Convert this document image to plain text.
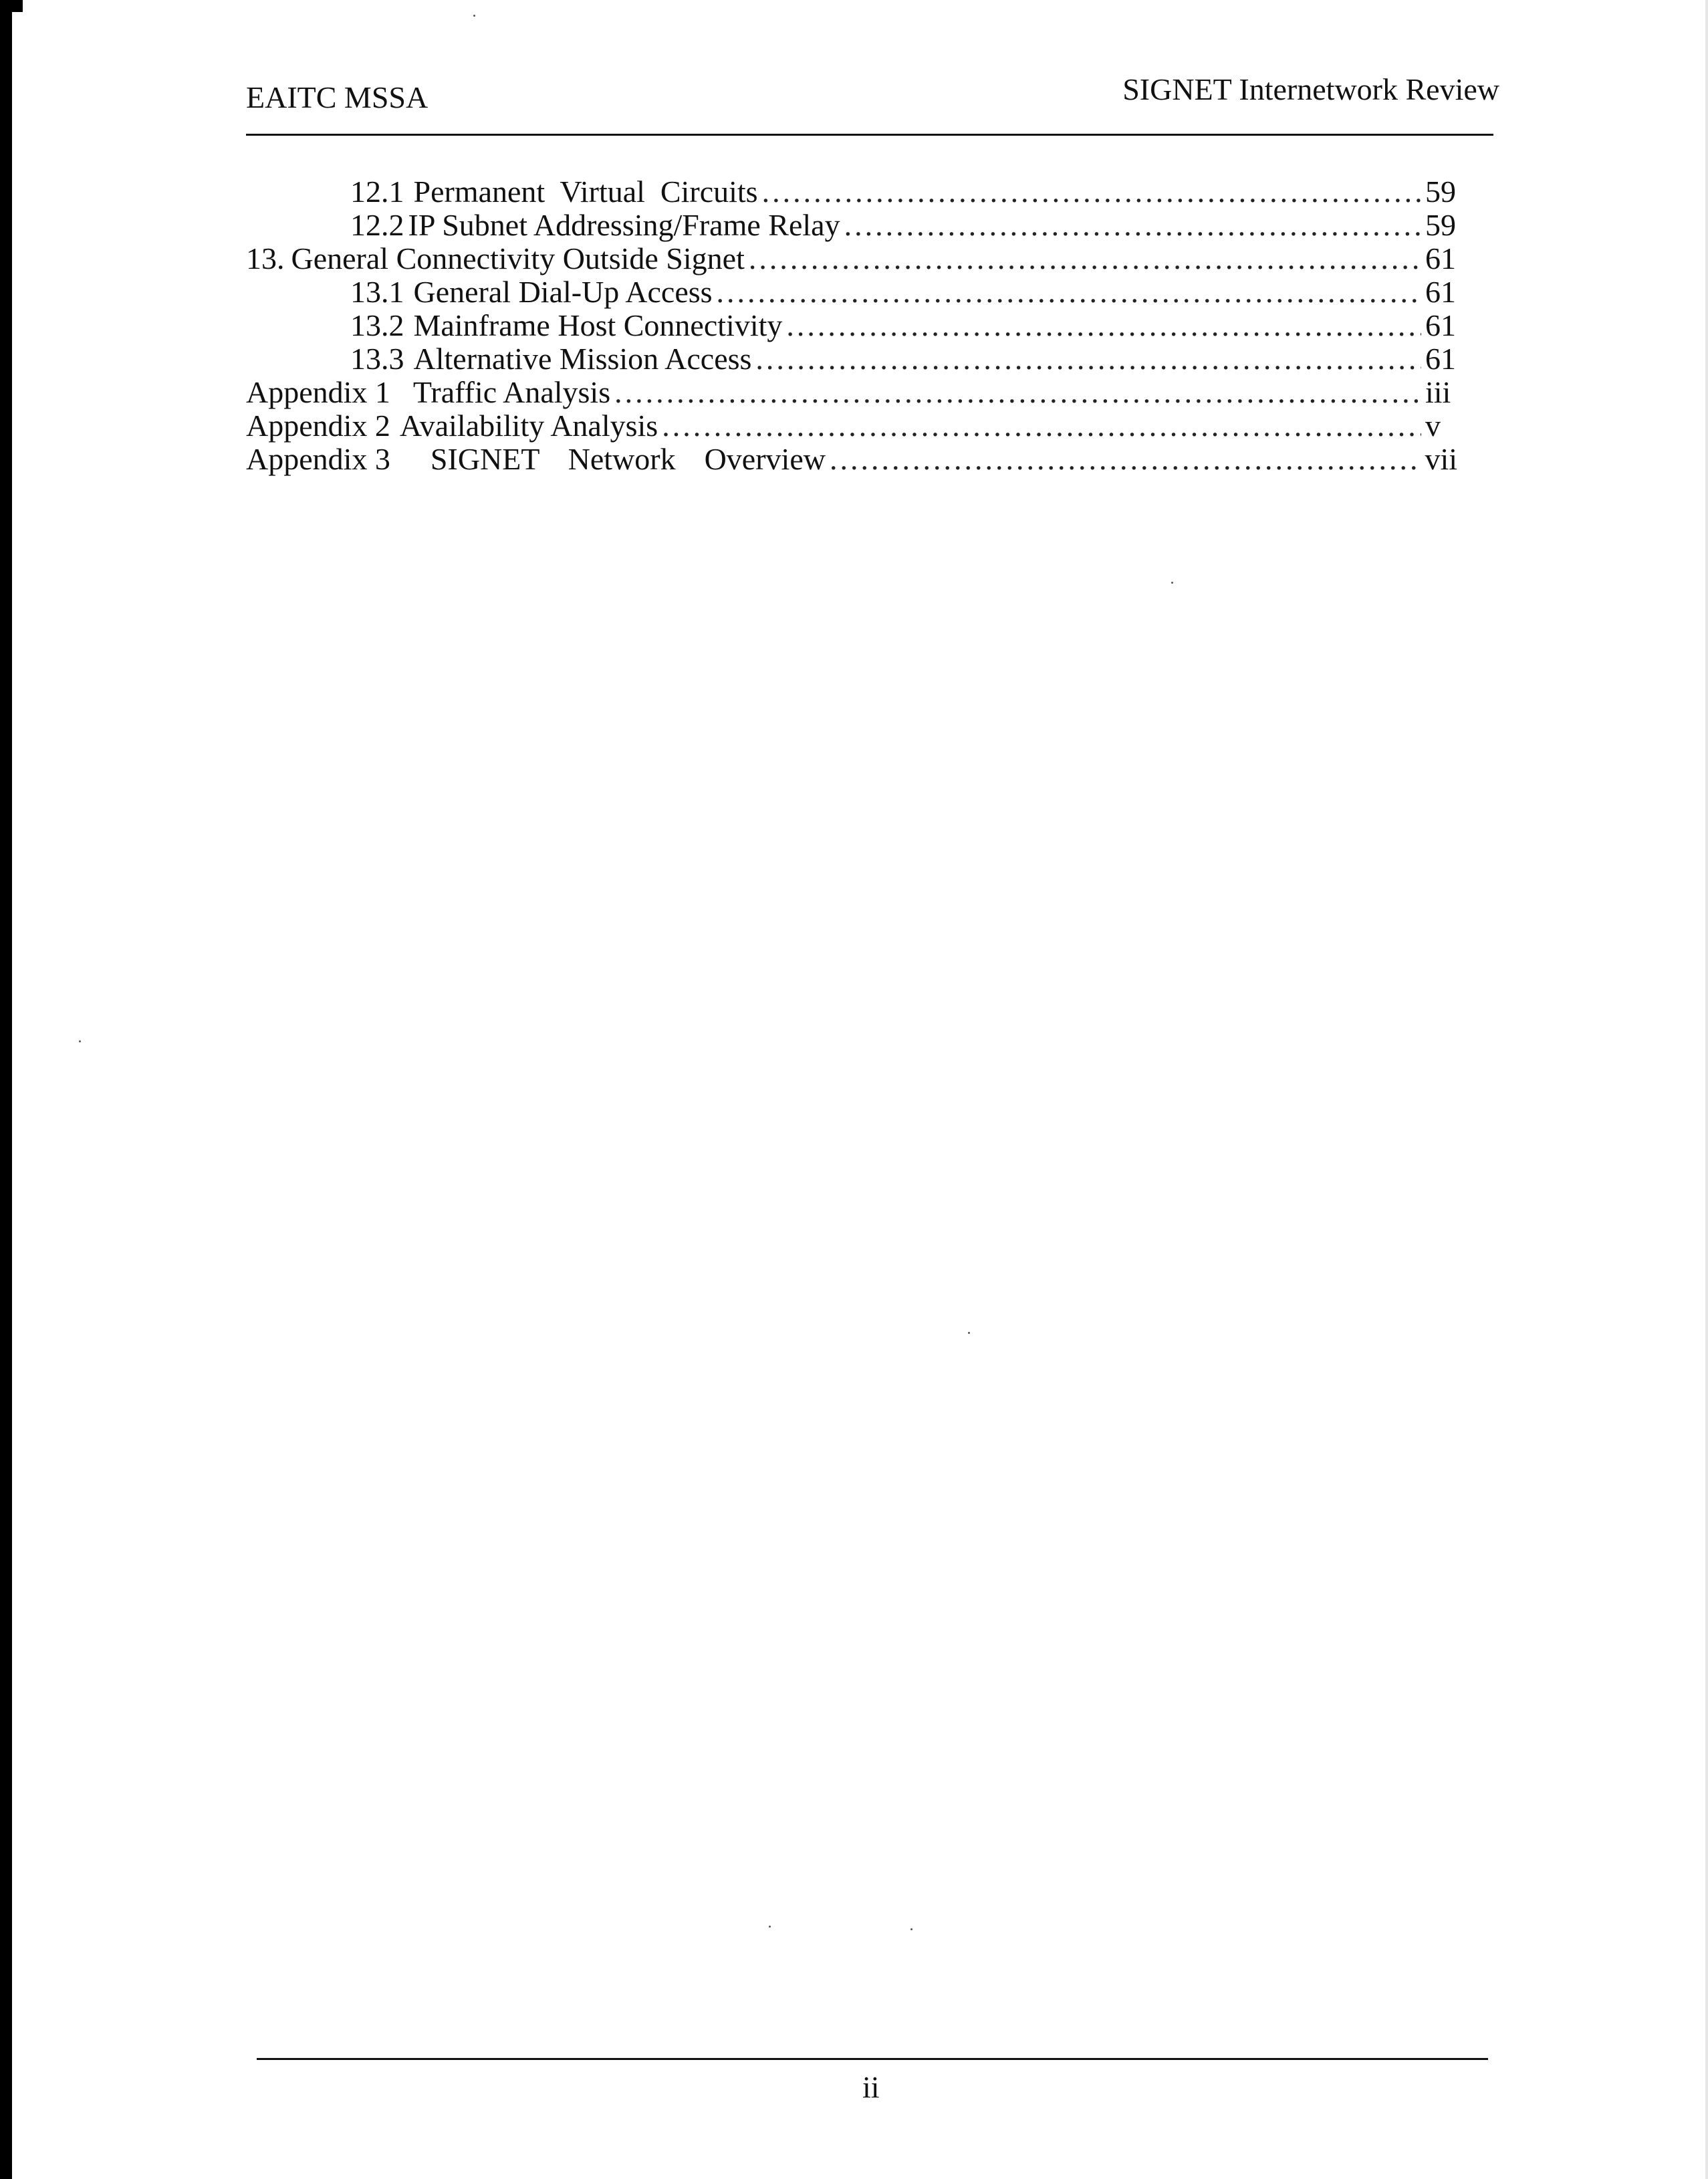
EAITC MSSA	SIGNET Internetwork Review
12.1 Permanent  Virtual  Circuits .....	59
12.2 IP Subnet Addressing/Frame Relay .....	59
13. General Connectivity Outside Signet .....	61
13.1 General Dial-Up Access .....	61
13.2 Mainframe Host Connectivity .....	61
13.3 Alternative Mission Access .....	61
Appendix 1 Traffic Analysis .....	iii
Appendix 2 Availability Analysis .....	v
Appendix 3 SIGNET  Network  Overview .....	vii
ii
